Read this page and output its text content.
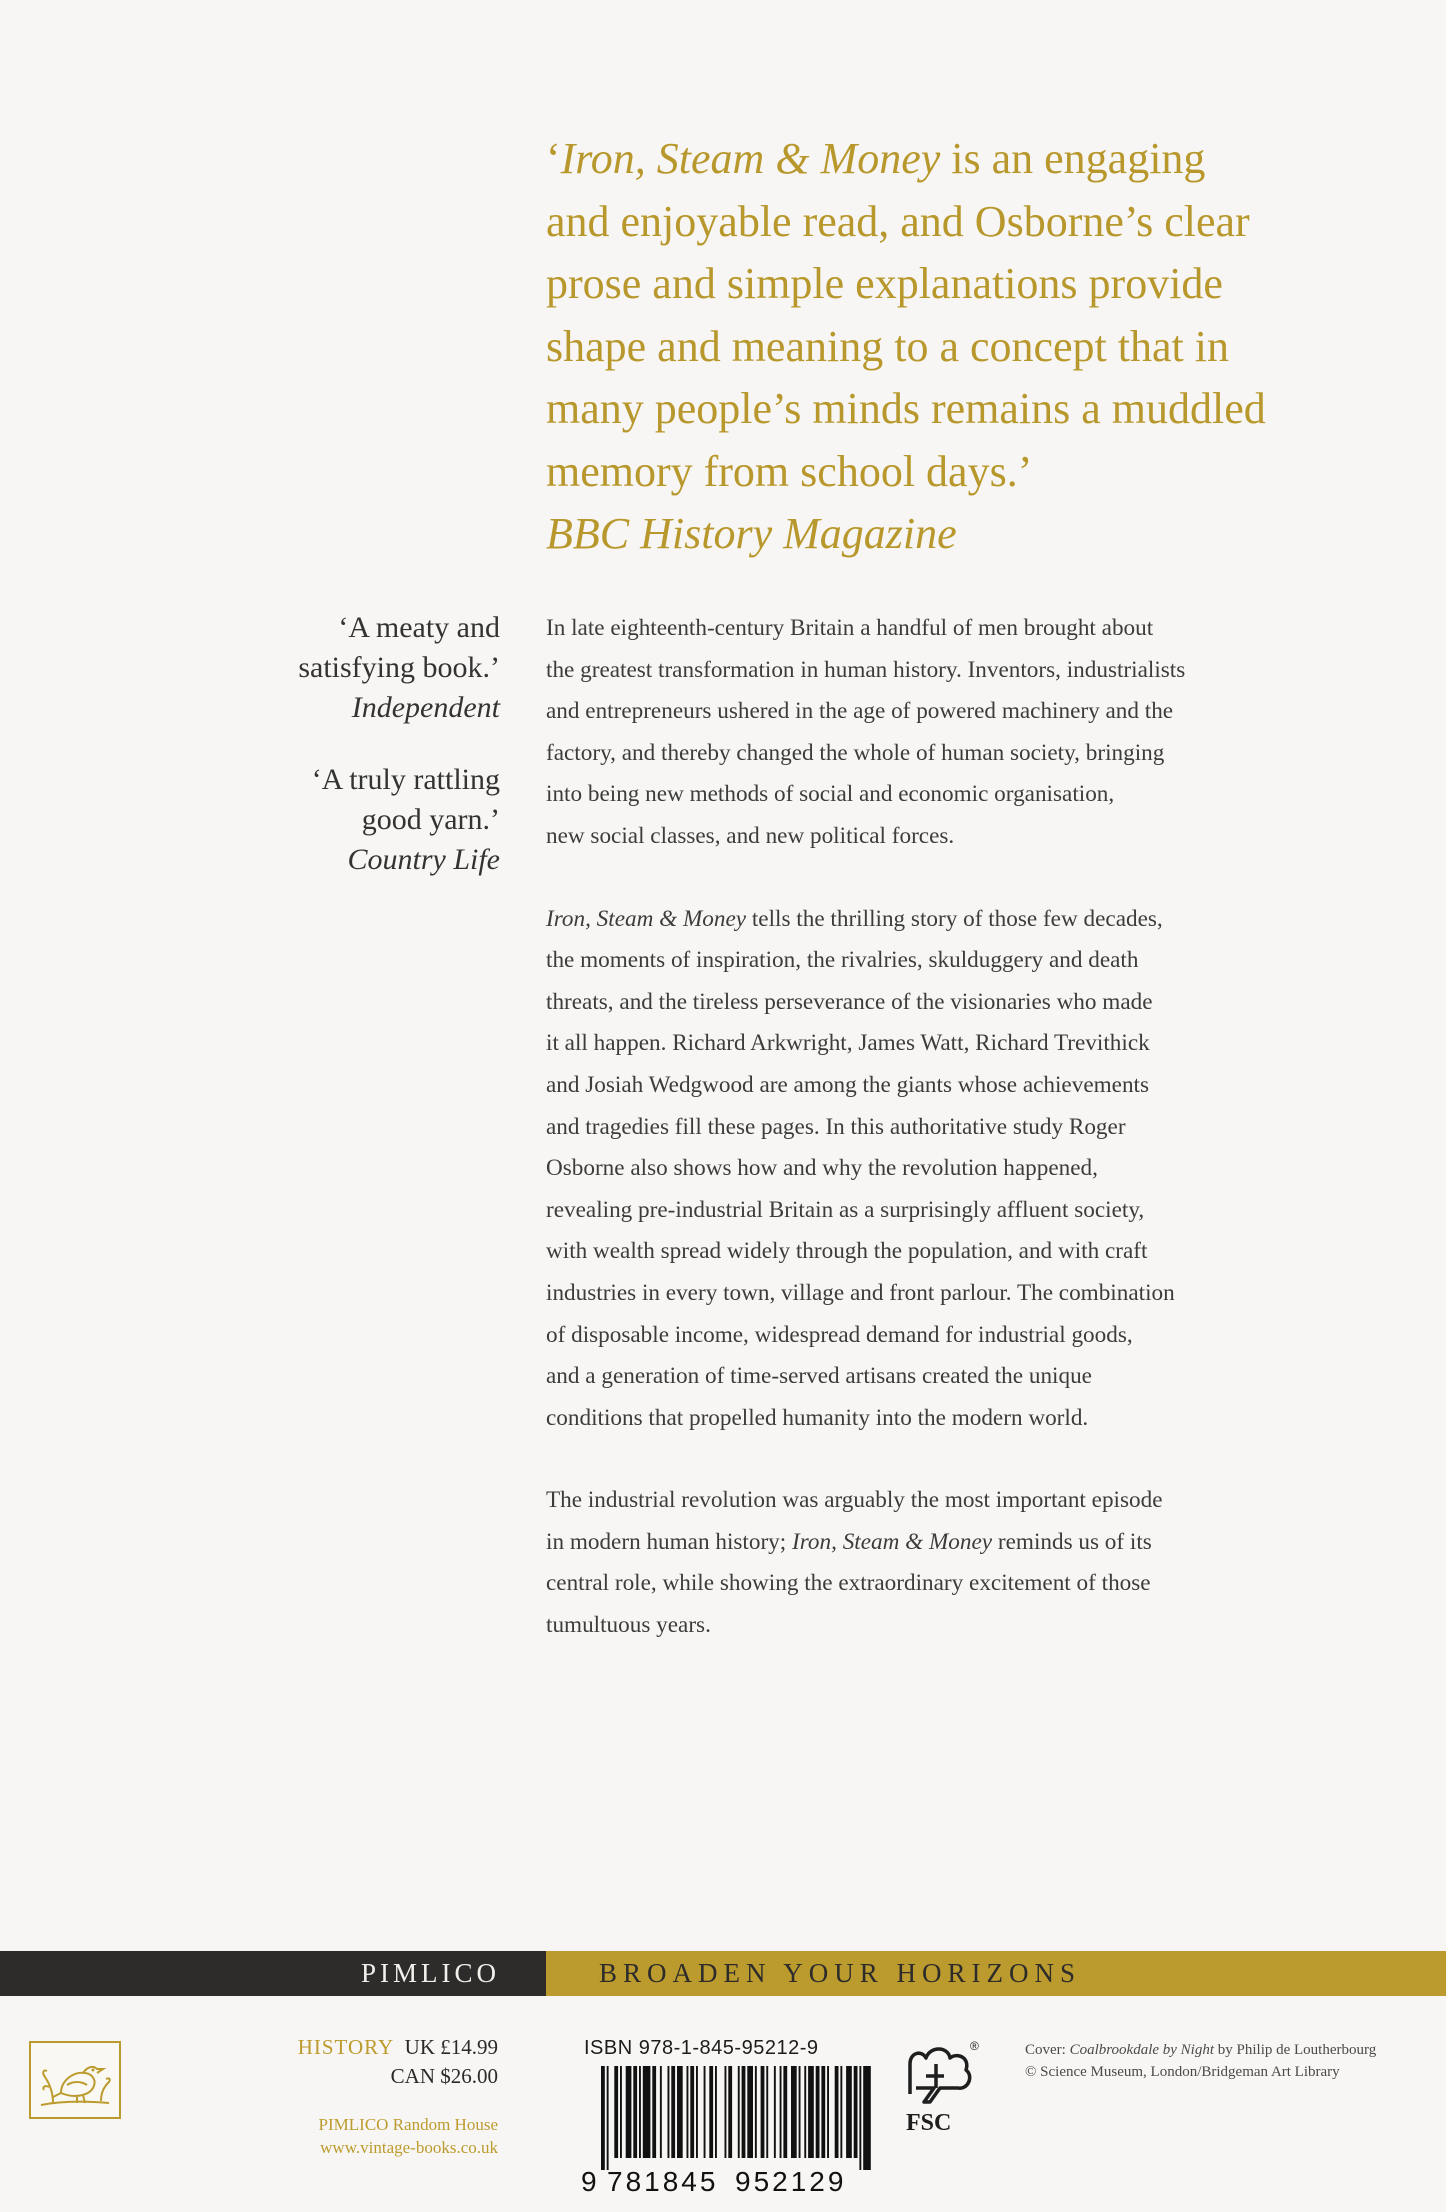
‘Iron, Steam & Money is an engaging

and enjoyable read, and Osborne’s clear

prose and simple explanations provide

shape and meaning to a concept that in

many people’s minds remains a muddled

memory from school days.’

BBC History Magazine

‘A meaty and
satisfying book.’
Independent
‘A truly rattling
good yarn.’
Country Life

In late eighteenth-century Britain a handful of men brought about
the greatest transformation in human history. Inventors, industrialists
and entrepreneurs ushered in the age of powered machinery and the
factory, and thereby changed the whole of human society, bringing
into being new methods of social and economic organisation,
new social classes, and new political forces.

Iron, Steam & Money tells the thrilling story of those few decades,
the moments of inspiration, the rivalries, skulduggery and death
threats, and the tireless perseverance of the visionaries who made
it all happen. Richard Arkwright, James Watt, Richard Trevithick
and Josiah Wedgwood are among the giants whose achievements
and tragedies fill these pages. In this authoritative study Roger
Osborne also shows how and why the revolution happened,
revealing pre-industrial Britain as a surprisingly affluent society,
with wealth spread widely through the population, and with craft
industries in every town, village and front parlour. The combination
of disposable income, widespread demand for industrial goods,
and a generation of time-served artisans created the unique
conditions that propelled humanity into the modern world.

The industrial revolution was arguably the most important episode
in modern human history; Iron, Steam & Money reminds us of its
central role, while showing the extraordinary excitement of those
tumultuous years.

PIMLICO	BROADEN YOUR HORIZONS
HISTORY UK £14.99
CAN $26.00
PIMLICO Random House
www.vintage-books.co.uk
ISBN 978-1-845-95212-9
9 781845 952129
®
FSC
Cover: Coalbrookdale by Night by Philip de Loutherbourg
© Science Museum, London/Bridgeman Art Library
